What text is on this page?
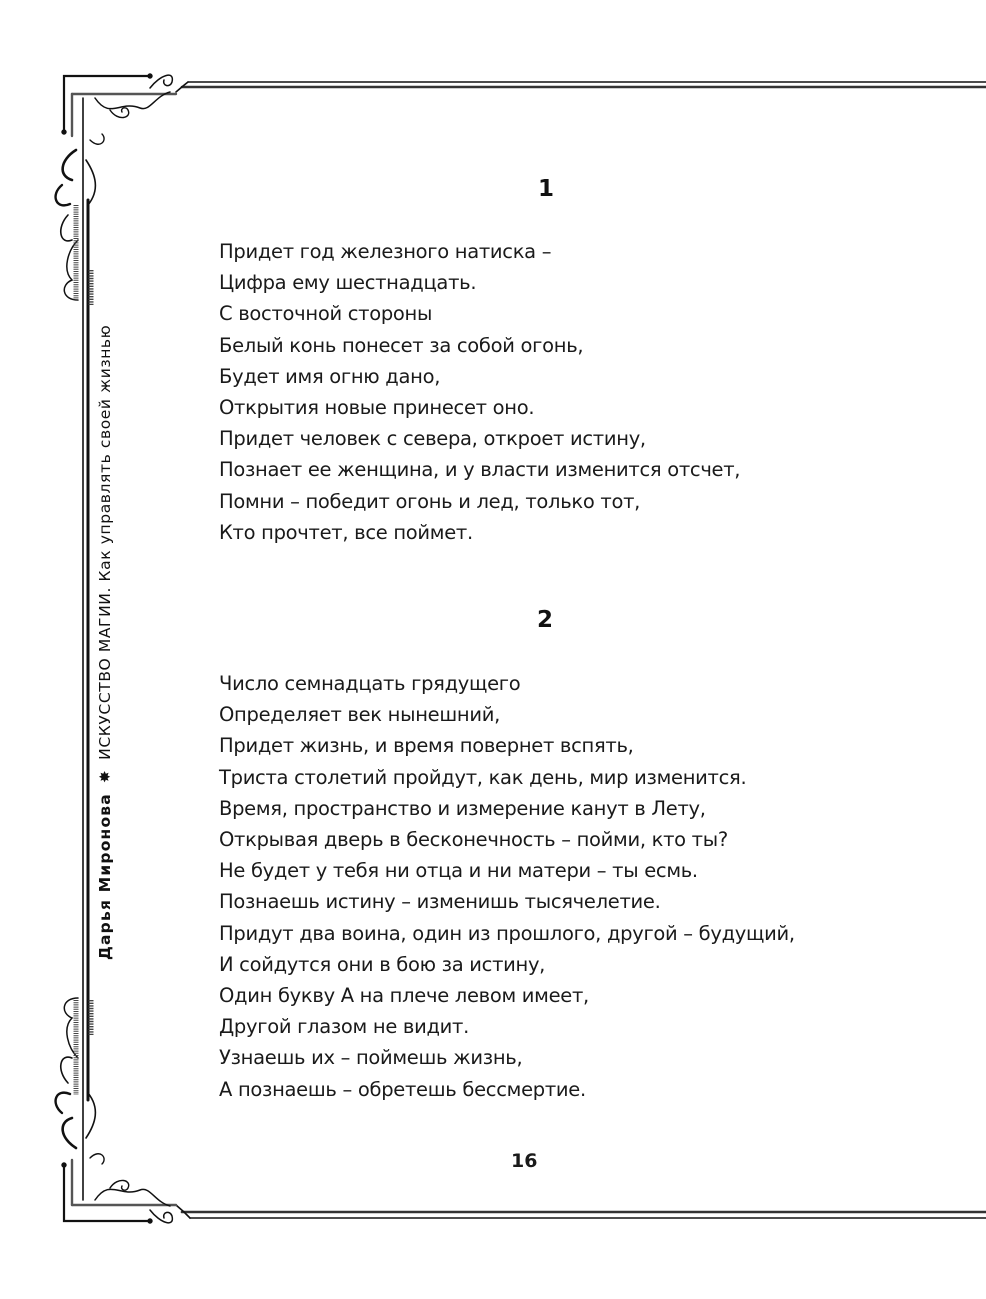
Дарья Миронова
✸
ИСКУССТВО МАГИИ. Как управлять своей жизнью
1
Придет год железного натиска –
Цифра ему шестнадцать.
С восточной стороны
Белый конь понесет за собой огонь,
Будет имя огню дано,
Открытия новые принесет оно.
Придет человек с севера, откроет истину,
Познает ее женщина, и у власти изменится отсчет,
Помни – победит огонь и лед, только тот,
Кто прочтет, все поймет.
2
Число семнадцать грядущего
Определяет век нынешний,
Придет жизнь, и время повернет вспять,
Триста столетий пройдут, как день, мир изменится.
Время, пространство и измерение канут в Лету,
Открывая дверь в бесконечность – пойми, кто ты?
Не будет у тебя ни отца и ни матери – ты есмь.
Познаешь истину – изменишь тысячелетие.
Придут два воина, один из прошлого, другой – будущий,
И сойдутся они в бою за истину,
Один букву А на плече левом имеет,
Другой глазом не видит.
Узнаешь их – поймешь жизнь,
А познаешь – обретешь бессмертие.
16
